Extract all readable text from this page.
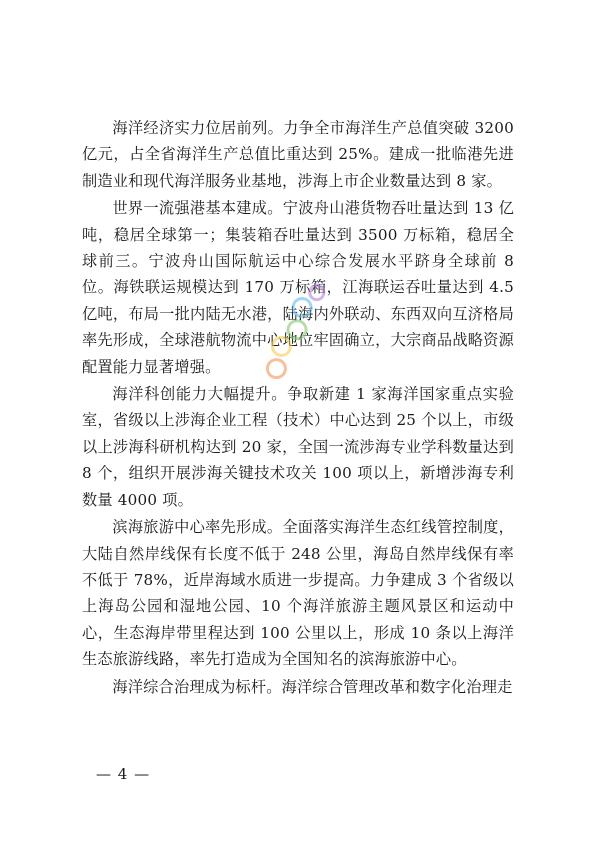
海洋经济实力位居前列。力争全市海洋生产总值突破 3200 亿元，占全省海洋生产总值比重达到 25%。建成一批临港先进制造业和现代海洋服务业基地，涉海上市企业数量达到 8 家。

世界一流强港基本建成。宁波舟山港货物吞吐量达到 13 亿吨，稳居全球第一；集装箱吞吐量达到 3500 万标箱，稳居全球前三。宁波舟山国际航运中心综合发展水平跻身全球前 8 位。海铁联运规模达到 170 万标箱，江海联运吞吐量达到 4.5 亿吨，布局一批内陆无水港，陆海内外联动、东西双向互济格局率先形成，全球港航物流中心地位牢固确立，大宗商品战略资源配置能力显著增强。

海洋科创能力大幅提升。争取新建 1 家海洋国家重点实验室，省级以上涉海企业工程（技术）中心达到 25 个以上，市级以上涉海科研机构达到 20 家，全国一流涉海专业学科数量达到 8 个，组织开展涉海关键技术攻关 100 项以上，新增涉海专利数量 4000 项。

滨海旅游中心率先形成。全面落实海洋生态红线管控制度，大陆自然岸线保有长度不低于 248 公里，海岛自然岸线保有率不低于 78%，近岸海域水质进一步提高。力争建成 3 个省级以上海岛公园和湿地公园、10 个海洋旅游主题风景区和运动中心，生态海岸带里程达到 100 公里以上，形成 10 条以上海洋生态旅游线路，率先打造成为全国知名的滨海旅游中心。

海洋综合治理成为标杆。海洋综合管理改革和数字化治理走

— 4 —
